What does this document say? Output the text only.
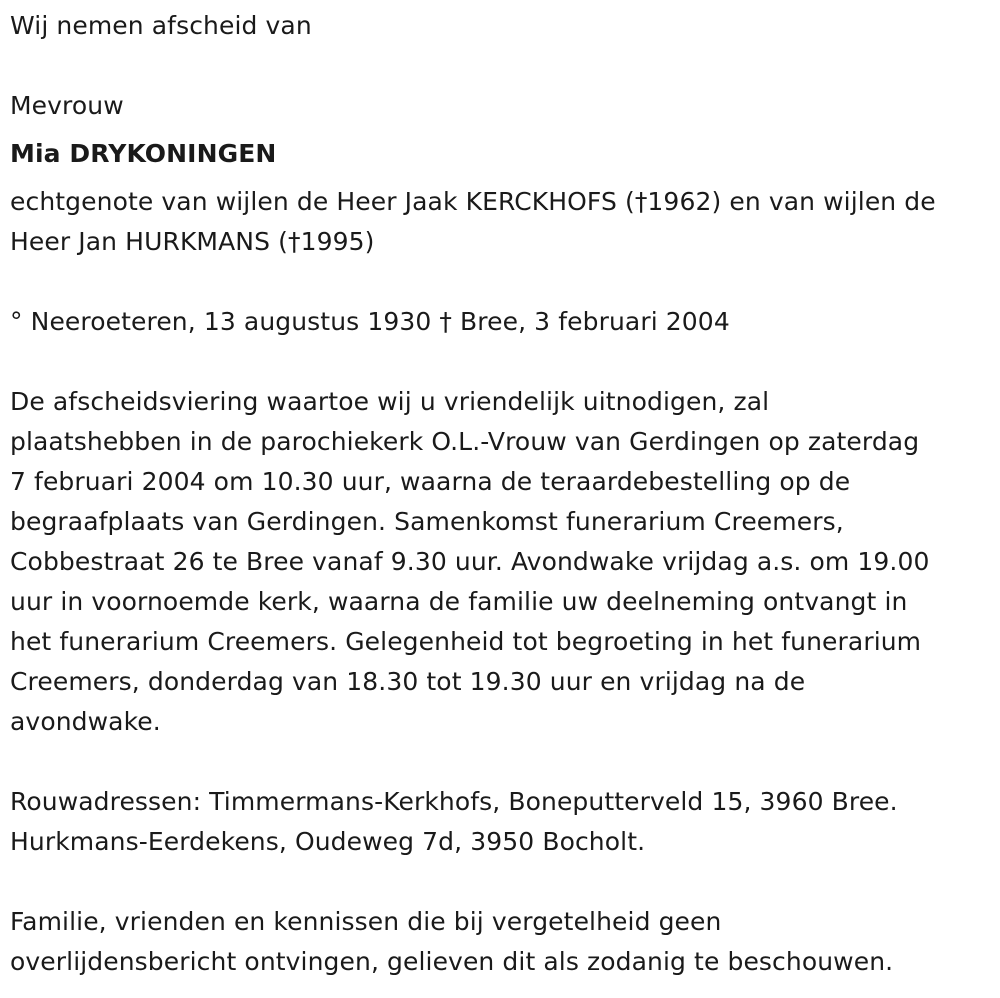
Wij nemen afscheid van
Mevrouw
Mia DRYKONINGEN
echtgenote van wijlen de Heer Jaak KERCKHOFS (†1962) en van wijlen de
Heer Jan HURKMANS (†1995)
° Neeroeteren, 13 augustus 1930 † Bree, 3 februari 2004
De afscheidsviering waartoe wij u vriendelijk uitnodigen, zal
plaatshebben in de parochiekerk O.L.-Vrouw van Gerdingen op zaterdag
7 februari 2004 om 10.30 uur, waarna de teraardebestelling op de
begraafplaats van Gerdingen. Samenkomst funerarium Creemers,
Cobbestraat 26 te Bree vanaf 9.30 uur. Avondwake vrijdag a.s. om 19.00
uur in voornoemde kerk, waarna de familie uw deelneming ontvangt in
het funerarium Creemers. Gelegenheid tot begroeting in het funerarium
Creemers, donderdag van 18.30 tot 19.30 uur en vrijdag na de
avondwake.
Rouwadressen: Timmermans-Kerkhofs, Boneputterveld 15, 3960 Bree.
Hurkmans-Eerdekens, Oudeweg 7d, 3950 Bocholt.
Familie, vrienden en kennissen die bij vergetelheid geen
overlijdensbericht ontvingen, gelieven dit als zodanig te beschouwen.
